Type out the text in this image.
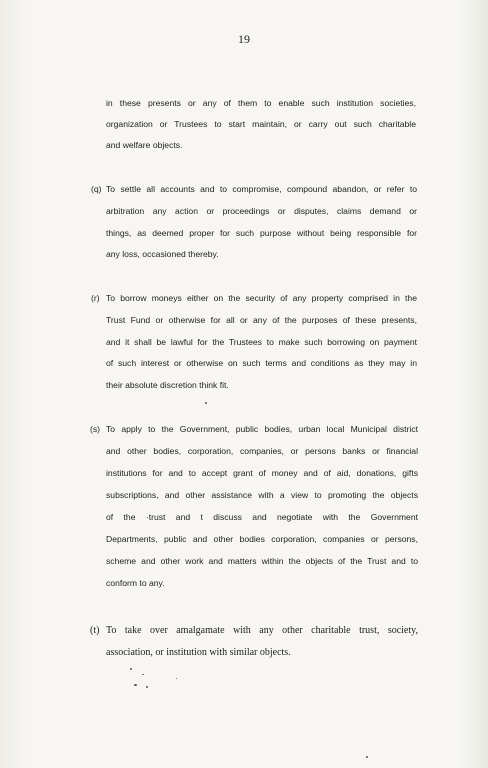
19
in these presents or any of them to enable such institution societies,
organization or Trustees to start maintain, or carry out such charitable
and welfare objects.
(q) To settle all accounts and to compromise, compound abandon, or refer to
arbitration any action or proceedings or disputes, claims demand or
things, as deemed proper for such purpose without being responsible for
any loss, occasioned thereby.
(r) To borrow moneys either on the security of any property comprised in the
Trust Fund or otherwise for all or any of the purposes of these presents,
and it shall be lawful for the Trustees to make such borrowing on payment
of such interest or otherwise on such terms and conditions as they may in
their absolute discretion think fit.
(s) To apply to the Government, public bodies, urban local Municipal district
and other bodies, corporation, companies, or persons banks or financial
institutions for and to accept grant of money and of aid, donations, gifts
subscriptions, and other assistance with a view to promoting the objects
of the ·trust and t discuss and negotiate with the Government
Departments, public and other bodies corporation, companies or persons,
scheme and other work and matters within the objects of the Trust and to
conform to any.
(t) To take over amalgamate with any other charitable trust, society,
association, or institution with similar objects.
